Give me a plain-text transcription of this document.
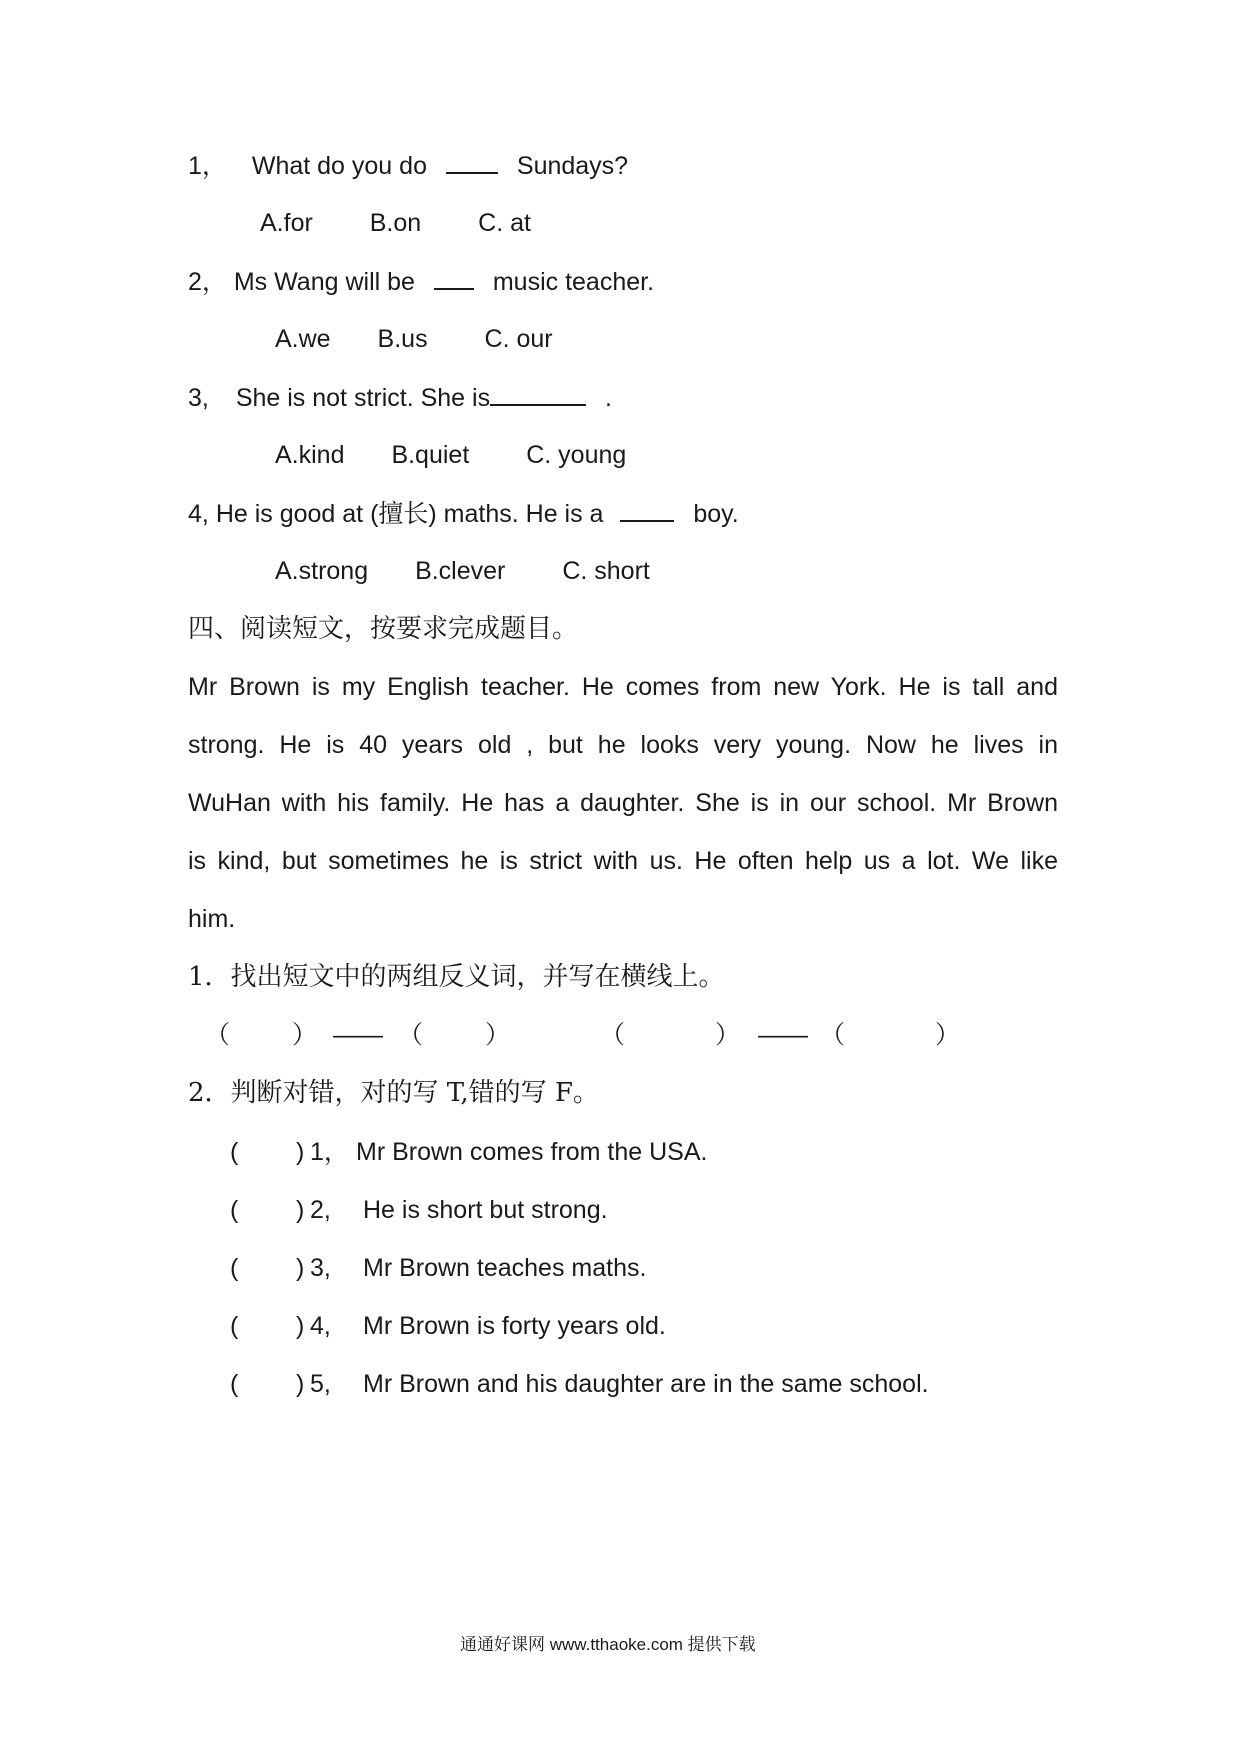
1， What do you do	Sundays?
A.for B.on C. at
2， Ms Wang will be	music teacher.
A.we B.us C. our
3, She is not strict. She is	.
A.kind B.quiet C. young
4, He is good at (擅长) maths. He is a	boy.
A.strong B.clever C. short
四、阅读短文，按要求完成题目。
Mr Brown is my English teacher. He comes from new York. He is tall and
strong. He is 40 years old , but he looks very young. Now he lives in
WuHan with his family. He has a daughter. She is in our school. Mr Brown
is kind, but sometimes he is strict with us. He often help us a lot. We like
him.
1．找出短文中的两组反义词，并写在横线上。
（ ） —— （ ）	（	） —— （	）
2．判断对错，对的写 T,错的写 F。
( ) 1， Mr Brown comes from the USA.
( ) 2, He is short but strong.
( ) 3, Mr Brown teaches maths.
( ) 4, Mr Brown is forty years old.
( ) 5, Mr Brown and his daughter are in the same school.
通通好课网 www.tthaoke.com 提供下载
